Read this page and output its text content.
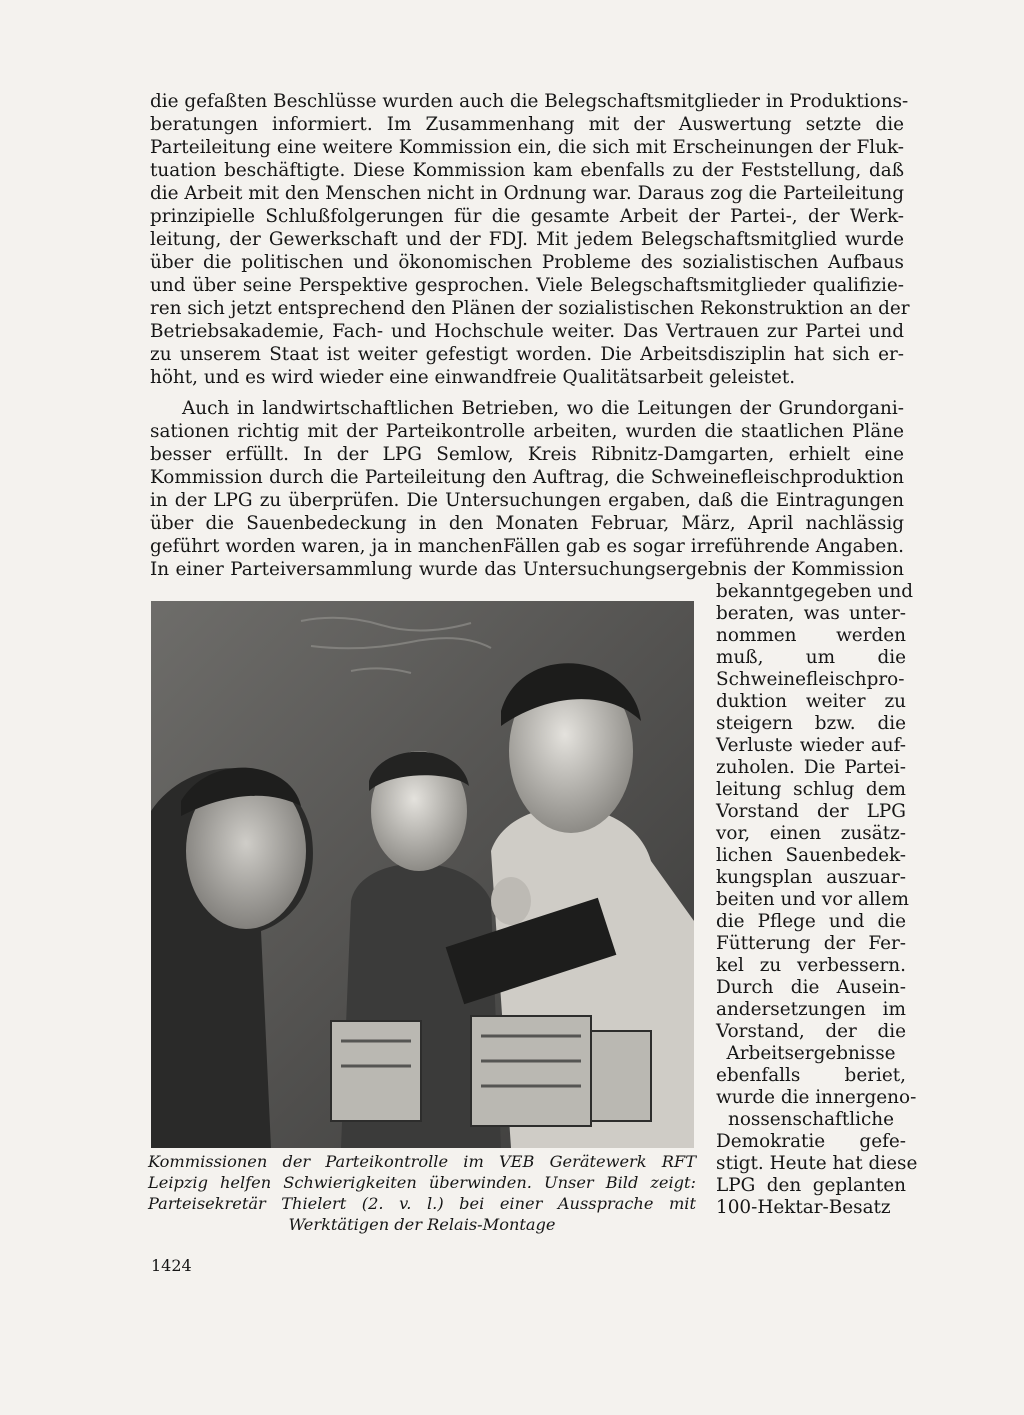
die gefaßten Beschlüsse wurden auch die Belegschaftsmitglieder in Produktions-
beratungen informiert. Im Zusammenhang mit der Auswertung setzte die
Parteileitung eine weitere Kommission ein, die sich mit Erscheinungen der Fluk-
tuation beschäftigte. Diese Kommission kam ebenfalls zu der Feststellung, daß
die Arbeit mit den Menschen nicht in Ordnung war. Daraus zog die Parteileitung
prinzipielle Schlußfolgerungen für die gesamte Arbeit der Partei-, der Werk-
leitung, der Gewerkschaft und der FDJ. Mit jedem Belegschaftsmitglied wurde
über die politischen und ökonomischen Probleme des sozialistischen Aufbaus
und über seine Perspektive gesprochen. Viele Belegschaftsmitglieder qualifizie-
ren sich jetzt entsprechend den Plänen der sozialistischen Rekonstruktion an der
Betriebsakademie, Fach- und Hochschule weiter. Das Vertrauen zur Partei und
zu unserem Staat ist weiter gefestigt worden. Die Arbeitsdisziplin hat sich er-
höht, und es wird wieder eine einwandfreie Qualitätsarbeit geleistet.
Auch in landwirtschaftlichen Betrieben, wo die Leitungen der Grundorgani-
sationen richtig mit der Parteikontrolle arbeiten, wurden die staatlichen Pläne
besser erfüllt. In der LPG Semlow, Kreis Ribnitz-Damgarten, erhielt eine
Kommission durch die Parteileitung den Auftrag, die Schweinefleischproduktion
in der LPG zu überprüfen. Die Untersuchungen ergaben, daß die Eintragungen
über die Sauenbedeckung in den Monaten Februar, März, April nachlässig
geführt worden waren, ja in manchenFällen gab es sogar irreführende Angaben.
In einer Parteiversammlung wurde das Untersuchungsergebnis der Kommission
bekanntgegeben und
beraten, was unter-
nommen werden
muß, um die
Schweinefleischpro-
duktion weiter zu
steigern bzw. die
Verluste wieder auf-
zuholen. Die Partei-
leitung schlug dem
Vorstand der LPG
vor, einen zusätz-
lichen Sauenbedek-
kungsplan auszuar-
beiten und vor allem
die Pflege und die
Fütterung der Fer-
kel zu verbessern.
Durch die Ausein-
andersetzungen im
Vorstand, der die
Arbeitsergebnisse
ebenfalls beriet,
wurde die innergeno-
nossenschaftliche
Demokratie gefe-
stigt. Heute hat diese
LPG den geplanten
100-Hektar-Besatz
Kommissionen der Parteikontrolle im VEB Gerätewerk RFT
Leipzig helfen Schwierigkeiten überwinden. Unser Bild zeigt:
Parteisekretär Thielert (2. v. l.) bei einer Aussprache mit
Werktätigen der Relais-Montage
1424
